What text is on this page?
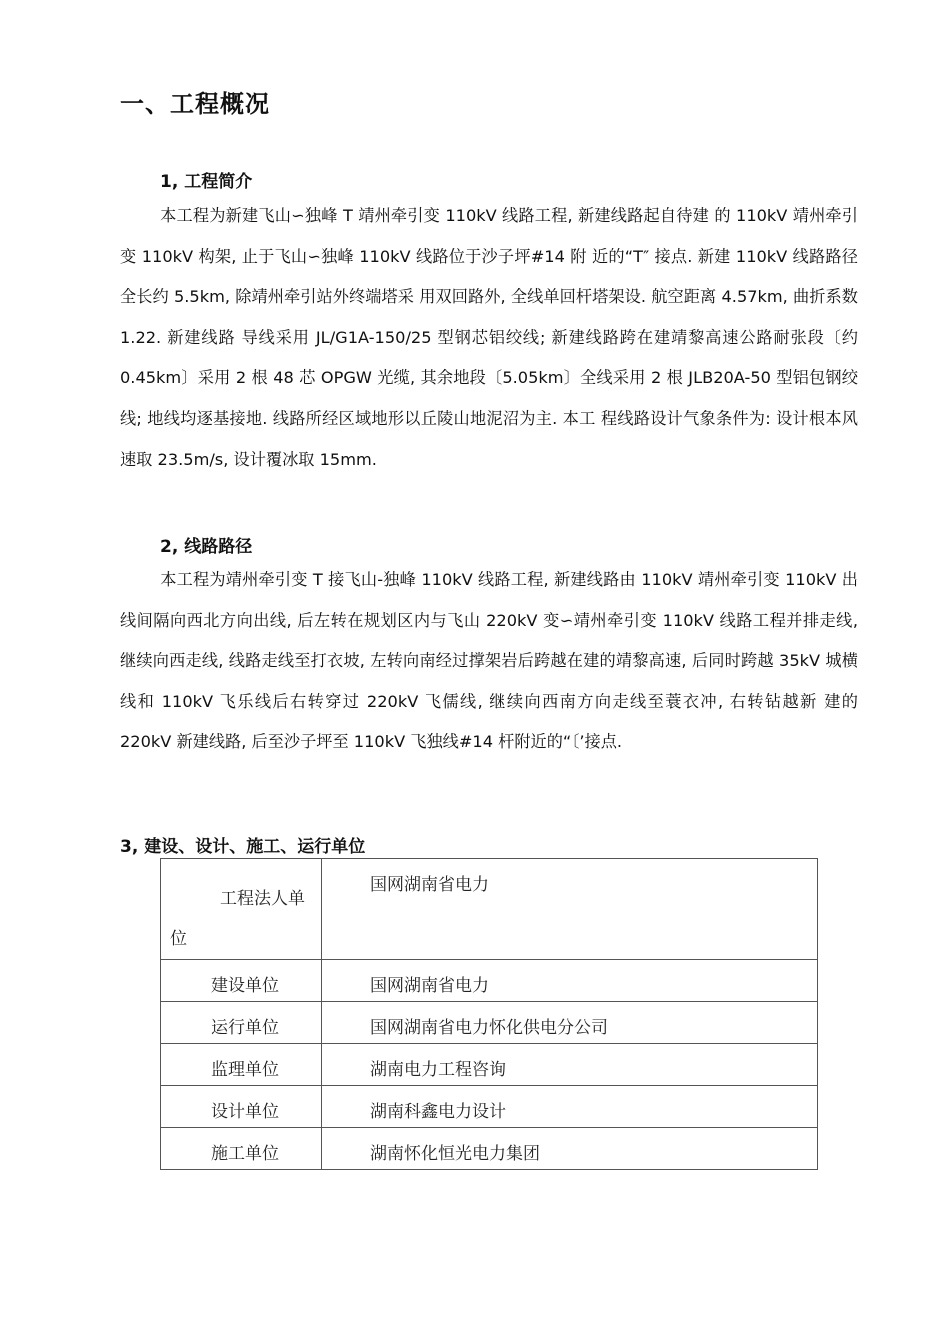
一、工程概况
1, 工程简介
本工程为新建飞山∽独峰 T 靖州牵引变 110kV 线路工程, 新建线路起自待建 的 110kV 靖州牵引变 110kV 构架, 止于飞山∽独峰 110kV 线路位于沙子坪#14 附 近的“T″ 接点. 新建 110kV 线路路径全长约 5.5km, 除靖州牵引站外终端塔采 用双回路外, 全线单回杆塔架设. 航空距离 4.57km, 曲折系数 1.22. 新建线路 导线采用 JL/G1A-150/25 型钢芯铝绞线; 新建线路跨在建靖黎高速公路耐张段〔约 0.45km〕采用 2 根 48 芯 OPGW 光缆, 其余地段〔5.05km〕全线采用 2 根 JLB20A-50 型铝包钢绞线; 地线均逐基接地. 线路所经区域地形以丘陵山地泥沼为主. 本工 程线路设计气象条件为: 设计根本风速取 23.5m/s, 设计覆冰取 15mm.
2, 线路路径
本工程为靖州牵引变 T 接飞山-独峰 110kV 线路工程, 新建线路由 110kV 靖州牵引变 110kV 出线间隔向西北方向出线, 后左转在规划区内与飞山 220kV 变∽靖州牵引变 110kV 线路工程并排走线, 继续向西走线, 线路走线至打衣坡, 左转向南经过撑架岩后跨越在建的靖黎高速, 后同时跨越 35kV 城横线和 110kV 飞乐线后右转穿过 220kV 飞儒线, 继续向西南方向走线至蓑衣冲, 右转钻越新 建的 220kV 新建线路, 后至沙子坪至 110kV 飞独线#14 杆附近的“〔’接点.
3, 建设、设计、施工、运行单位
工程法人单位	国网湖南省电力

建设单位	国网湖南省电力

运行单位	国网湖南省电力怀化供电分公司

监理单位	湖南电力工程咨询

设计单位	湖南科鑫电力设计

施工单位	湖南怀化恒光电力集团
